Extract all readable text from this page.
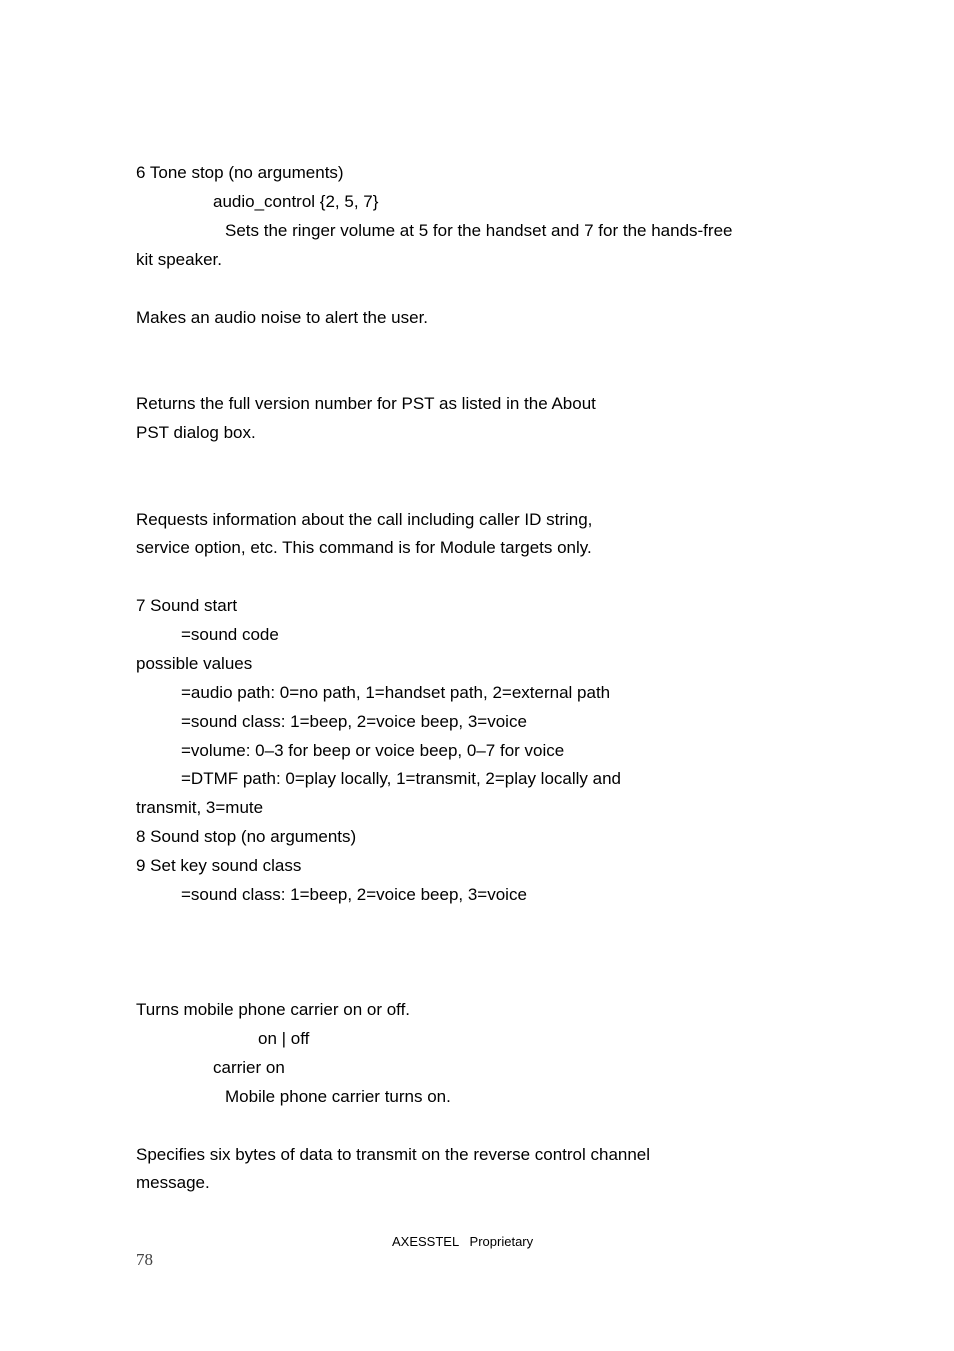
6 Tone stop (no arguments)
audio_control {2, 5, 7}
Sets the ringer volume at 5 for the handset and 7 for the hands-free
kit speaker.
Makes an audio noise to alert the user.
Returns the full version number for PST as listed in the About
PST dialog box.
Requests information about the call including caller ID string,
service option, etc. This command is for Module targets only.
7 Sound start
=sound code
possible values
=audio path: 0=no path, 1=handset path, 2=external path
=sound class: 1=beep, 2=voice beep, 3=voice
=volume: 0–3 for beep or voice beep, 0–7 for voice
=DTMF path: 0=play locally, 1=transmit, 2=play locally and
transmit, 3=mute
8 Sound stop (no arguments)
9 Set key sound class
=sound class: 1=beep, 2=voice beep, 3=voice
Turns mobile phone carrier on or off.
on | off
carrier on
Mobile phone carrier turns on.
Specifies six bytes of data to transmit on the reverse control channel
message.
AXESSTEL   Proprietary
78
